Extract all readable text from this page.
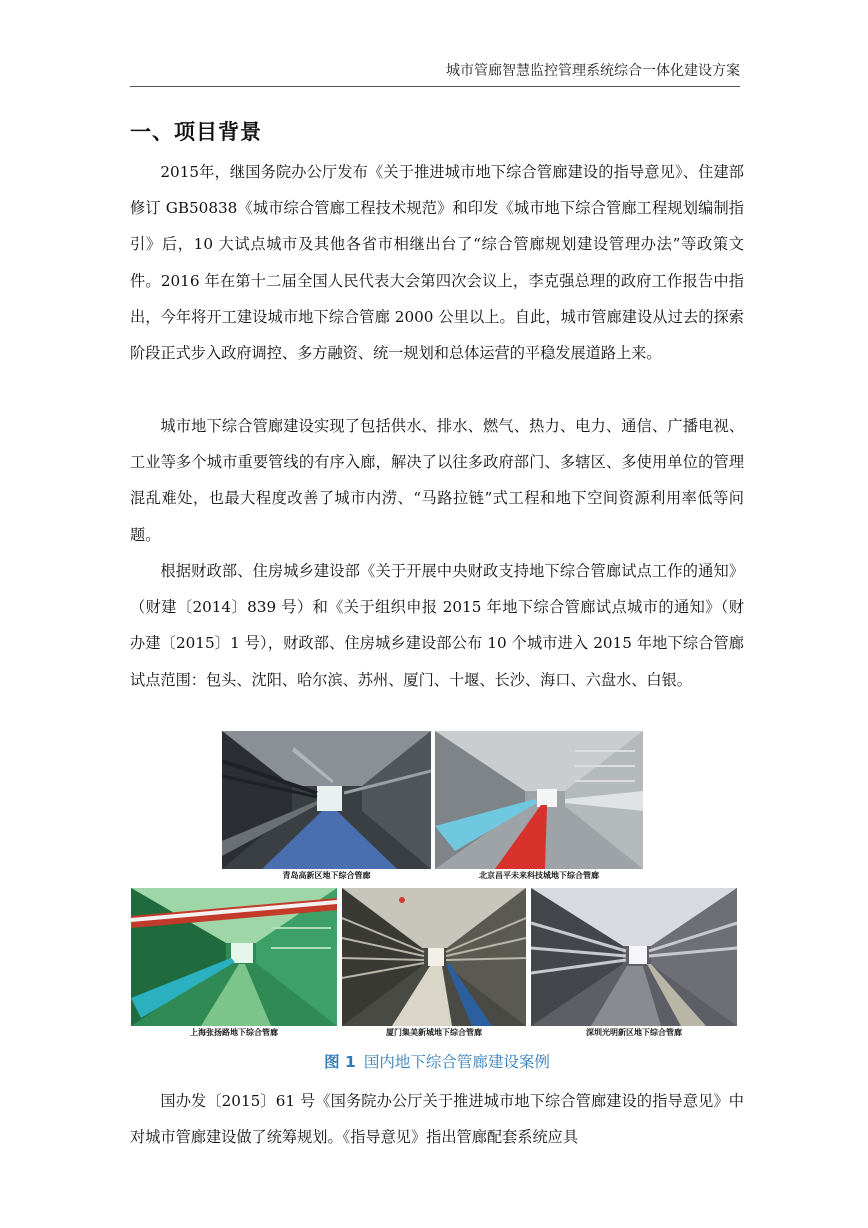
城市管廊智慧监控管理系统综合一体化建设方案
一、项目背景

2015年，继国务院办公厅发布《关于推进城市地下综合管廊建设的指导意见》、住建部修订 GB50838《城市综合管廊工程技术规范》和印发《城市地下综合管廊工程规划编制指引》后，10 大试点城市及其他各省市相继出台了“综合管廊规划建设管理办法”等政策文件。2016 年在第十二届全国人民代表大会第四次会议上，李克强总理的政府工作报告中指出，今年将开工建设城市地下综合管廊 2000 公里以上。自此，城市管廊建设从过去的探索阶段正式步入政府调控、多方融资、统一规划和总体运营的平稳发展道路上来。

城市地下综合管廊建设实现了包括供水、排水、燃气、热力、电力、通信、广播电视、工业等多个城市重要管线的有序入廊，解决了以往多政府部门、多辖区、多使用单位的管理混乱难处，也最大程度改善了城市内涝、“马路拉链”式工程和地下空间资源利用率低等问题。

根据财政部、住房城乡建设部《关于开展中央财政支持地下综合管廊试点工作的通知》（财建〔2014〕839 号）和《关于组织申报 2015 年地下综合管廊试点城市的通知》（财办建〔2015〕1 号），财政部、住房城乡建设部公布 10 个城市进入 2015 年地下综合管廊试点范围：包头、沈阳、哈尔滨、苏州、厦门、十堰、长沙、海口、六盘水、白银。

青岛高新区地下综合管廊	北京昌平未来科技城地下综合管廊
上海张扬路地下综合管廊	厦门集美新城地下综合管廊	深圳光明新区地下综合管廊
图 1 国内地下综合管廊建设案例

国办发〔2015〕61 号《国务院办公厅关于推进城市地下综合管廊建设的指导意见》中对城市管廊建设做了统筹规划。《指导意见》指出管廊配套系统应具
